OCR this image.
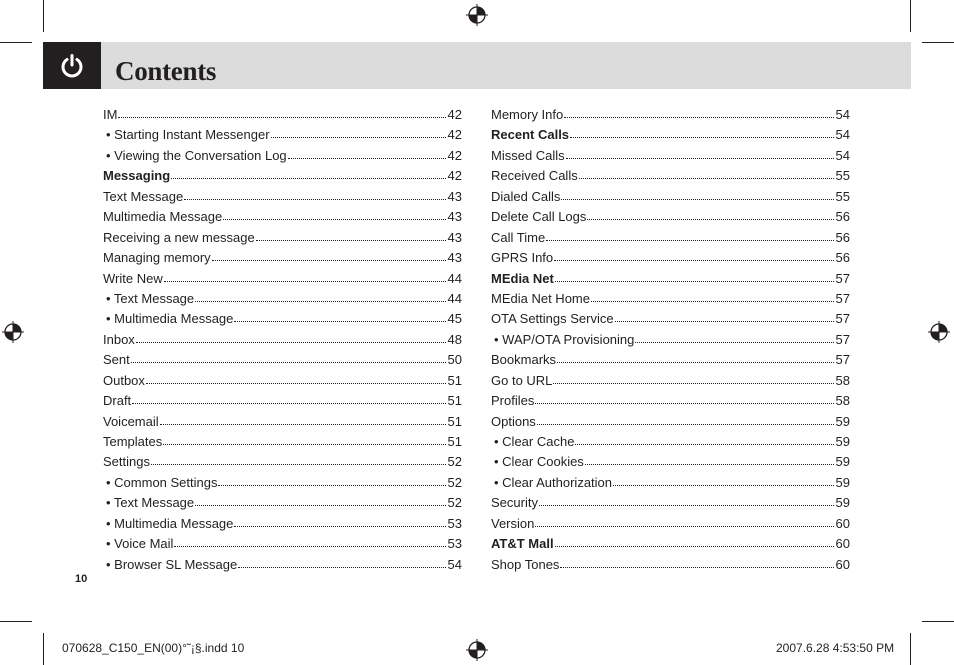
Contents
IM	42
• Starting Instant Messenger	42
• Viewing the Conversation Log	42
Messaging	42
Text Message	43
Multimedia Message	43
Receiving a new message	43
Managing memory	43
Write New	44
• Text Message	44
• Multimedia Message	45
Inbox	48
Sent	50
Outbox	51
Draft	51
Voicemail	51
Templates	51
Settings	52
• Common Settings	52
• Text Message	52
• Multimedia Message	53
• Voice Mail	53
• Browser SL Message	54
Memory Info	54
Recent Calls	54
Missed Calls	54
Received Calls	55
Dialed Calls	55
Delete Call Logs	56
Call Time	56
GPRS Info	56
MEdia Net	57
MEdia Net Home	57
OTA Settings Service	57
• WAP/OTA Provisioning	57
Bookmarks	57
Go to URL	58
Profiles	58
Options	59
• Clear Cache	59
• Clear Cookies	59
• Clear Authorization	59
Security	59
Version	60
AT&T Mall	60
Shop Tones	60
10
070628_C150_EN(00)°˜¡§.indd 10	2007.6.28 4:53:50 PM
